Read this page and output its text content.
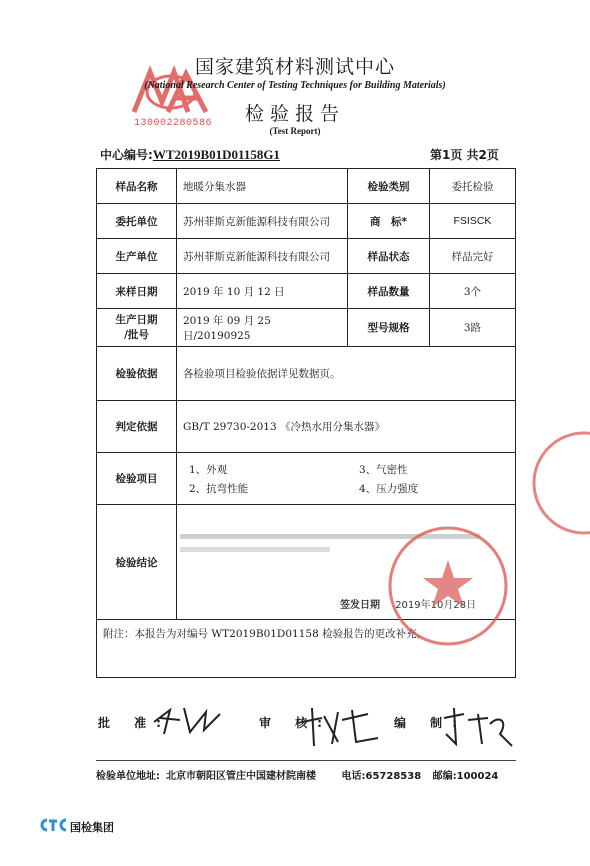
130002280586
国家建筑材料测试中心
(National Research Center of Testing Techniques for Building Materials)
检验报告
(Test Report)
中心编号:WT2019B01D01158G1	第1页 共2页
样品名称	地暖分集水器	检验类别	委托检验
委托单位	苏州菲斯克新能源科技有限公司	商　标*	FSISCK
生产单位	苏州菲斯克新能源科技有限公司	样品状态	样品完好
来样日期	2019 年 10 月 12 日	样品数量	3个

生产日期
/批号	2019 年 09 月 25 日/20190925	型号规格	3路
检验依据	各检验项目检验依据详见数据页。		
判定依据	GB/T 29730-2013 《冷热水用分集水器》		
检验项目	1、外观 3、气密性
2、抗弯性能 4、压力强度		

检验结论			
附注：本报告为对编号 WT2019B01D01158 检验报告的更改补充。			
签发日期 2019年10月28日
批 准:	审 核:	编 制:
检验单位地址: 北京市朝阳区管庄中国建材院南楼	电话:65728538 邮编:100024
国检集团
